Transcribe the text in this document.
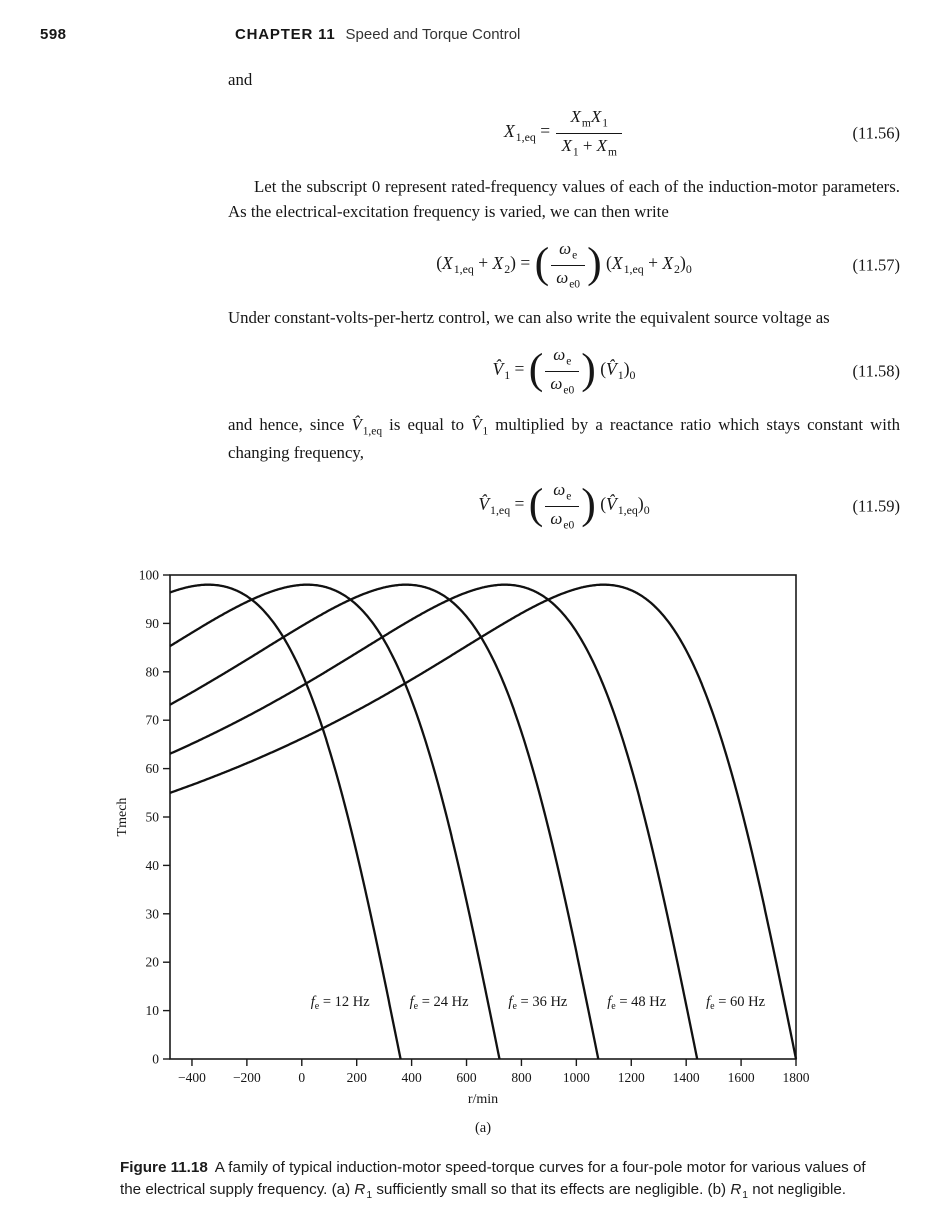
598	CHAPTER 11 Speed and Torque Control

and

$X_{1,eq} = \frac{X_mX_1}{X_1 + X_m}$	(11.56)

Let the subscript 0 represent rated-frequency values of each of the induction-motor parameters. As the electrical-excitation frequency is varied, we can then write

$(X_{1,eq} + X_2)$ = ( $\frac{\omega_e}{\omega_{e0}}$ ) $(X_{1,eq} + X_2)_0$	(11.57)

Under constant-volts-per-hertz control, we can also write the equivalent source voltage as

$V̂_1$ = ( $\frac{\omega_e}{\omega_{e0}}$ ) $(V̂_1)_0$	(11.58)

and hence, since $V̂_{1,eq}$ is equal to $V̂_1$ multiplied by a reactance ratio which stays constant with changing frequency,

$V̂_{1,eq}$ = ( $\frac{\omega_e}{\omega_{e0}}$ ) $(V̂_{1,eq})_0$	(11.59)
−400 −200	0	200	400	600	800 1000 1200 1400 1600 1800
0
10
20
30
40
50
60
70
80
90
100
$f_e = 12$ Hz	$f_e = 24$ Hz	$f_e = 36$ Hz	$f_e = 48$ Hz	$f_e = 60$ Hz
Tmech
r/min
(a)
Figure 11.18 A family of typical induction-motor speed-torque curves for a four-pole motor for various values of the electrical supply frequency. (a) $R_1$ sufficiently small so that its effects are negligible. (b) $R_1$ not negligible.
